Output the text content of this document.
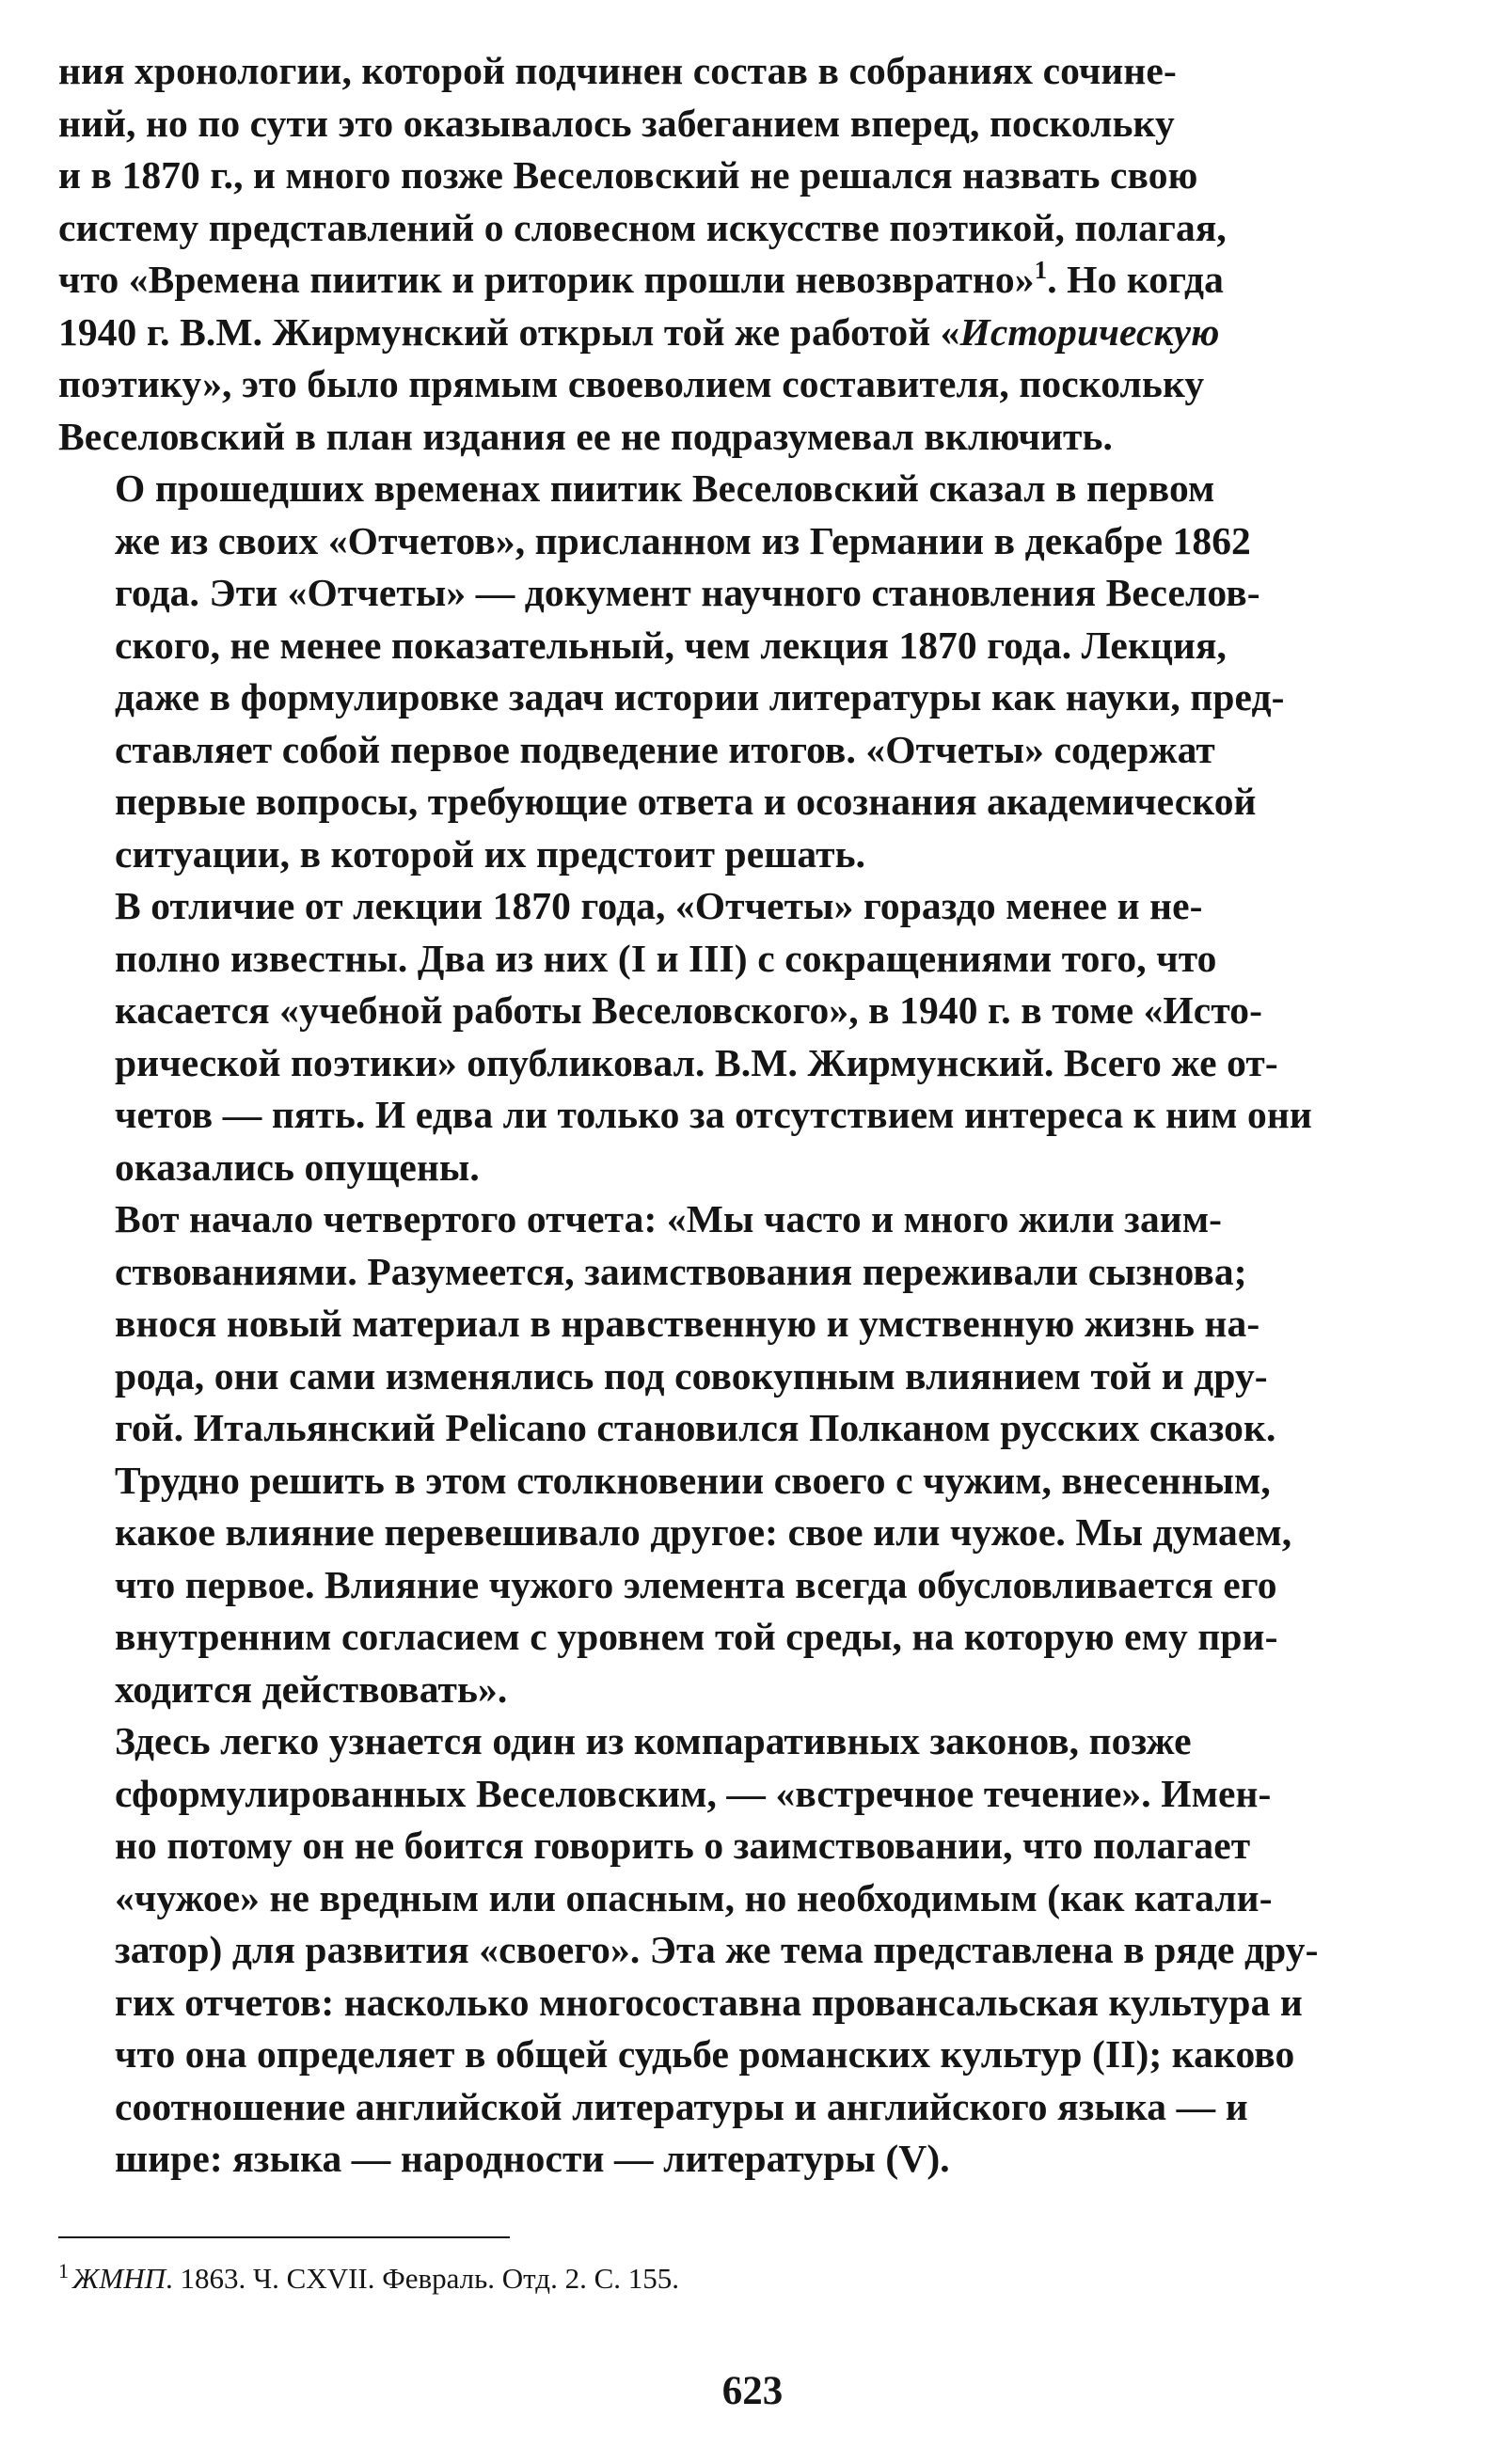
ния хронологии, которой подчинен состав в собраниях сочине-
ний, но по сути это оказывалось забеганием вперед, поскольку
и в 1870 г., и много позже Веселовский не решался назвать свою
систему представлений о словесном искусстве поэтикой, полагая,
что «Времена пиитик и риторик прошли невозвратно»$^1$. Но когда
1940 г. В.М. Жирмунский открыл той же работой «Историческую
поэтику», это было прямым своеволием составителя, поскольку
Веселовский в план издания ее не подразумевал включить.

О прошедших временах пиитик Веселовский сказал в первом
же из своих «Отчетов», присланном из Германии в декабре 1862
года. Эти «Отчеты» — документ научного становления Веселов-
ского, не менее показательный, чем лекция 1870 года. Лекция,
даже в формулировке задач истории литературы как науки, пред-
ставляет собой первое подведение итогов. «Отчеты» содержат
первые вопросы, требующие ответа и осознания академической
ситуации, в которой их предстоит решать.

В отличие от лекции 1870 года, «Отчеты» гораздо менее и не-
полно известны. Два из них (I и III) с сокращениями того, что
касается «учебной работы Веселовского», в 1940 г. в томе «Исто-
рической поэтики» опубликовал. В.М. Жирмунский. Всего же от-
четов — пять. И едва ли только за отсутствием интереса к ним они
оказались опущены.

Вот начало четвертого отчета: «Мы часто и много жили заим-
ствованиями. Разумеется, заимствования переживали сызнова;
внося новый материал в нравственную и умственную жизнь на-
рода, они сами изменялись под совокупным влиянием той и дру-
гой. Итальянский Pelicano становился Полканом русских сказок.
Трудно решить в этом столкновении своего с чужим, внесенным,
какое влияние перевешивало другое: свое или чужое. Мы думаем,
что первое. Влияние чужого элемента всегда обусловливается его
внутренним согласием с уровнем той среды, на которую ему при-
ходится действовать».

Здесь легко узнается один из компаративных законов, позже
сформулированных Веселовским, — «встречное течение». Имен-
но потому он не боится говорить о заимствовании, что полагает
«чужое» не вредным или опасным, но необходимым (как катали-
затор) для развития «своего». Эта же тема представлена в ряде дру-
гих отчетов: насколько многосоставна провансальская культура и
что она определяет в общей судьбе романских культур (II); каково
соотношение английской литературы и английского языка — и
шире: языка — народности — литературы (V).

$^1$ ЖМНП. 1863. Ч. CXVII. Февраль. Отд. 2. С. 155.

623
